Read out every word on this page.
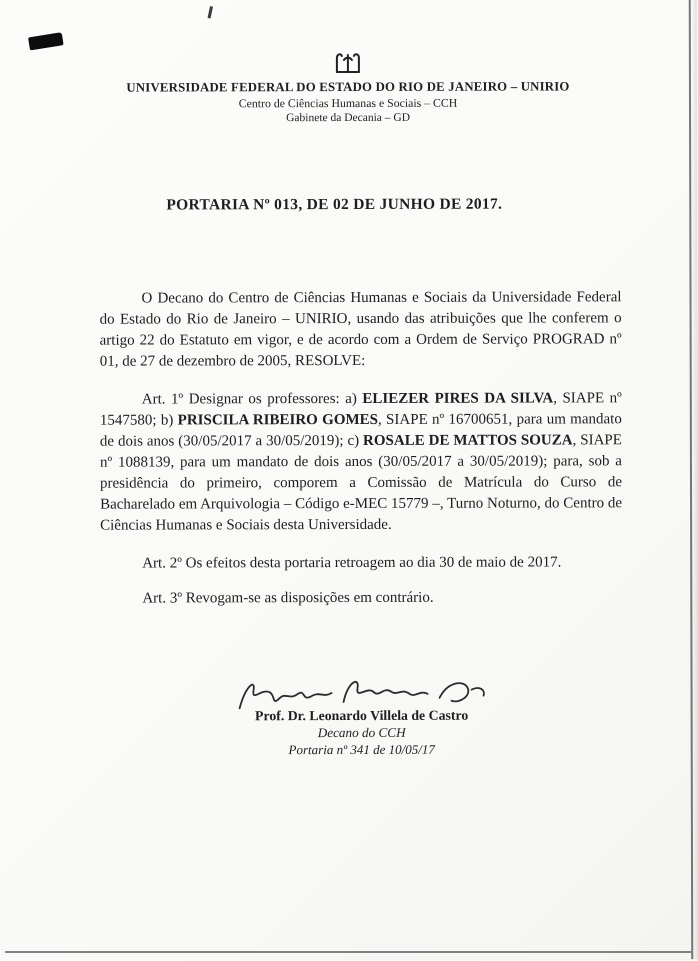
UNIVERSIDADE FEDERAL DO ESTADO DO RIO DE JANEIRO – UNIRIO
Centro de Ciências Humanas e Sociais – CCH
Gabinete da Decania – GD
PORTARIA Nº 013, DE 02 DE JUNHO DE 2017.

O Decano do Centro de Ciências Humanas e Sociais da Universidade Federal do Estado do Rio de Janeiro – UNIRIO, usando das atribuições que lhe conferem o artigo 22 do Estatuto em vigor, e de acordo com a Ordem de Serviço PROGRAD nº 01, de 27 de dezembro de 2005, RESOLVE:

Art. 1º Designar os professores: a) ELIEZER PIRES DA SILVA, SIAPE nº 1547580; b) PRISCILA RIBEIRO GOMES, SIAPE nº 16700651, para um mandato de dois anos (30/05/2017 a 30/05/2019); c) ROSALE DE MATTOS SOUZA, SIAPE nº 1088139, para um mandato de dois anos (30/05/2017 a 30/05/2019); para, sob a presidência do primeiro, comporem a Comissão de Matrícula do Curso de Bacharelado em Arquivologia – Código e-MEC 15779 –, Turno Noturno, do Centro de Ciências Humanas e Sociais desta Universidade.

Art. 2º Os efeitos desta portaria retroagem ao dia 30 de maio de 2017.

Art. 3º Revogam-se as disposições em contrário.

Prof. Dr. Leonardo Villela de Castro
Decano do CCH
Portaria nº 341 de 10/05/17
